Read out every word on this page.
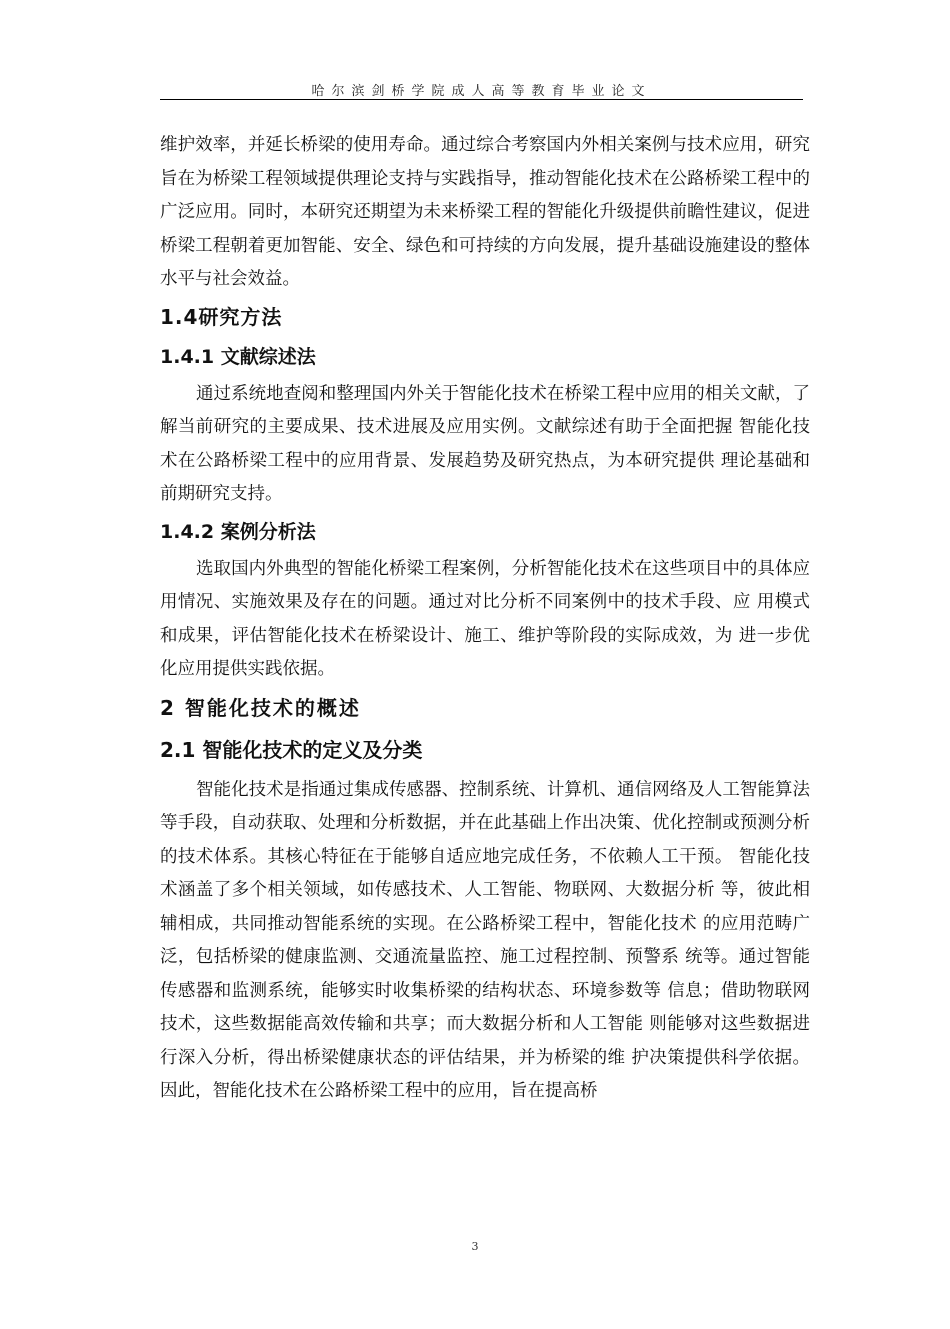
哈尔滨剑桥学院成人高等教育毕业论文

维护效率，并延长桥梁的使用寿命。通过综合考察国内外相关案例与技术应用，研究旨在为桥梁工程领域提供理论支持与实践指导，推动智能化技术在公路桥梁工程中的广泛应用。同时，本研究还期望为未来桥梁工程的智能化升级提供前瞻性建议，促进桥梁工程朝着更加智能、安全、绿色和可持续的方向发展，提升基础设施建设的整体水平与社会效益。

1.4研究方法
1.4.1 文献综述法

通过系统地查阅和整理国内外关于智能化技术在桥梁工程中应用的相关文献，了解当前研究的主要成果、技术进展及应用实例。文献综述有助于全面把握 智能化技术在公路桥梁工程中的应用背景、发展趋势及研究热点，为本研究提供 理论基础和前期研究支持。

1.4.2 案例分析法

选取国内外典型的智能化桥梁工程案例，分析智能化技术在这些项目中的具体应用情况、实施效果及存在的问题。通过对比分析不同案例中的技术手段、应 用模式和成果，评估智能化技术在桥梁设计、施工、维护等阶段的实际成效，为 进一步优化应用提供实践依据。

2 智能化技术的概述
2.1 智能化技术的定义及分类

智能化技术是指通过集成传感器、控制系统、计算机、通信网络及人工智能算法等手段，自动获取、处理和分析数据，并在此基础上作出决策、优化控制或预测分析的技术体系。其核心特征在于能够自适应地完成任务，不依赖人工干预。 智能化技术涵盖了多个相关领域，如传感技术、人工智能、物联网、大数据分析 等，彼此相辅相成，共同推动智能系统的实现。在公路桥梁工程中，智能化技术 的应用范畴广泛，包括桥梁的健康监测、交通流量监控、施工过程控制、预警系 统等。通过智能传感器和监测系统，能够实时收集桥梁的结构状态、环境参数等 信息；借助物联网技术，这些数据能高效传输和共享；而大数据分析和人工智能 则能够对这些数据进行深入分析，得出桥梁健康状态的评估结果，并为桥梁的维 护决策提供科学依据。因此，智能化技术在公路桥梁工程中的应用，旨在提高桥

3
